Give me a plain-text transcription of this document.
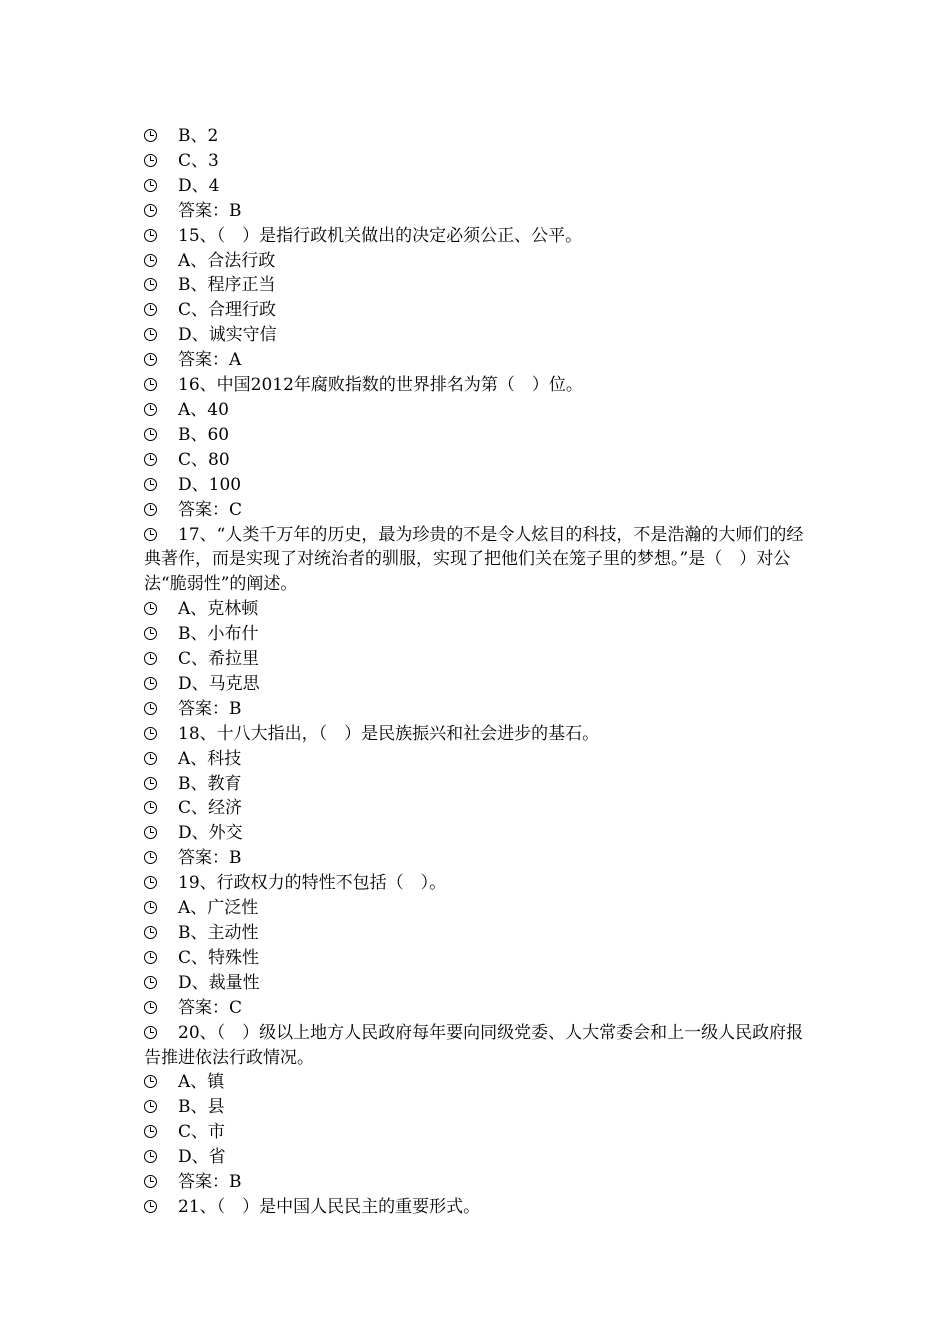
B、2

C、3

D、4

答案：B

15、（　）是指行政机关做出的决定必须公正、公平。

A、合法行政

B、程序正当

C、合理行政

D、诚实守信

答案：A

16、中国2012年腐败指数的世界排名为第（　）位。

A、40

B、60

C、80

D、100

答案：C

17、“人类千万年的历史，最为珍贵的不是令人炫目的科技，不是浩瀚的大师们的经典著作，而是实现了对统治者的驯服，实现了把他们关在笼子里的梦想。”是（　）对公法“脆弱性”的阐述。

A、克林顿

B、小布什

C、希拉里

D、马克思

答案：B

18、十八大指出，（　）是民族振兴和社会进步的基石。

A、科技

B、教育

C、经济

D、外交

答案：B

19、行政权力的特性不包括（　）。

A、广泛性

B、主动性

C、特殊性

D、裁量性

答案：C

20、（　）级以上地方人民政府每年要向同级党委、人大常委会和上一级人民政府报告推进依法行政情况。

A、镇

B、县

C、市

D、省

答案：B

21、（　）是中国人民民主的重要形式。
